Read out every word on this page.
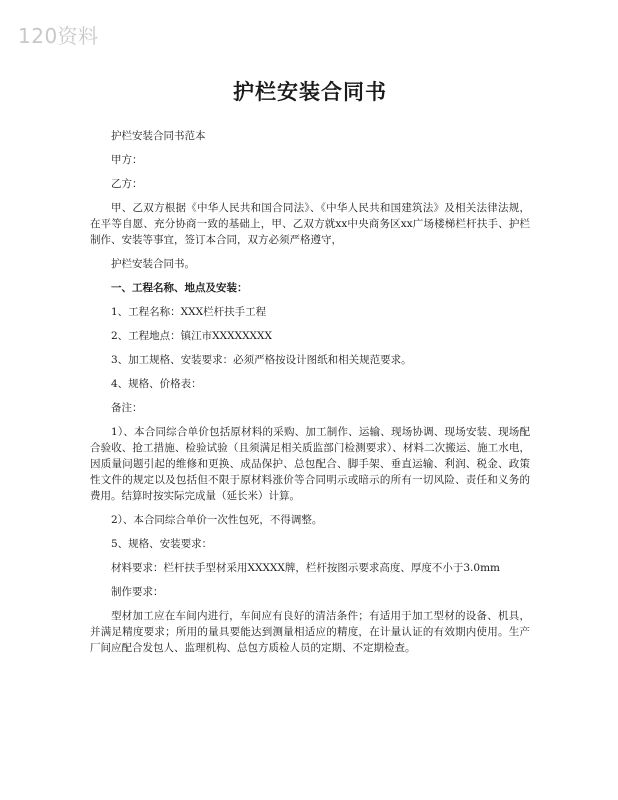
120资料
护栏安装合同书

护栏安装合同书范本

甲方：

乙方：

甲、乙双方根据《中华人民共和国合同法》、《中华人民共和国建筑法》及相关法律法规，在平等自愿、充分协商一致的基础上，甲、乙双方就xx中央商务区xx广场楼梯栏杆扶手、护栏制作、安装等事宜，签订本合同，双方必须严格遵守，

护栏安装合同书。

一、工程名称、地点及安装：

1、工程名称：XXX栏杆扶手工程

2、工程地点：镇江市XXXXXXXX

3、加工规格、安装要求：必须严格按设计图纸和相关规范要求。

4、规格、价格表：

备注：

1）、本合同综合单价包括原材料的采购、加工制作、运输、现场协调、现场安装、现场配合验收、抢工措施、检验试验（且须满足相关质监部门检测要求）、材料二次搬运、施工水电，因质量问题引起的维修和更换、成品保护、总包配合、脚手架、垂直运输、利润、税金、政策性文件的规定以及包括但不限于原材料涨价等合同明示或暗示的所有一切风险、责任和义务的费用。结算时按实际完成量（延长米）计算。

2）、本合同综合单价一次性包死，不得调整。

5、规格、安装要求：

材料要求：栏杆扶手型材采用XXXXX牌，栏杆按图示要求高度、厚度不小于3.0mm

制作要求：

型材加工应在车间内进行，车间应有良好的清洁条件；有适用于加工型材的设备、机具，并满足精度要求；所用的量具要能达到测量相适应的精度，在计量认证的有效期内使用。生产厂间应配合发包人、监理机构、总包方质检人员的定期、不定期检查。
